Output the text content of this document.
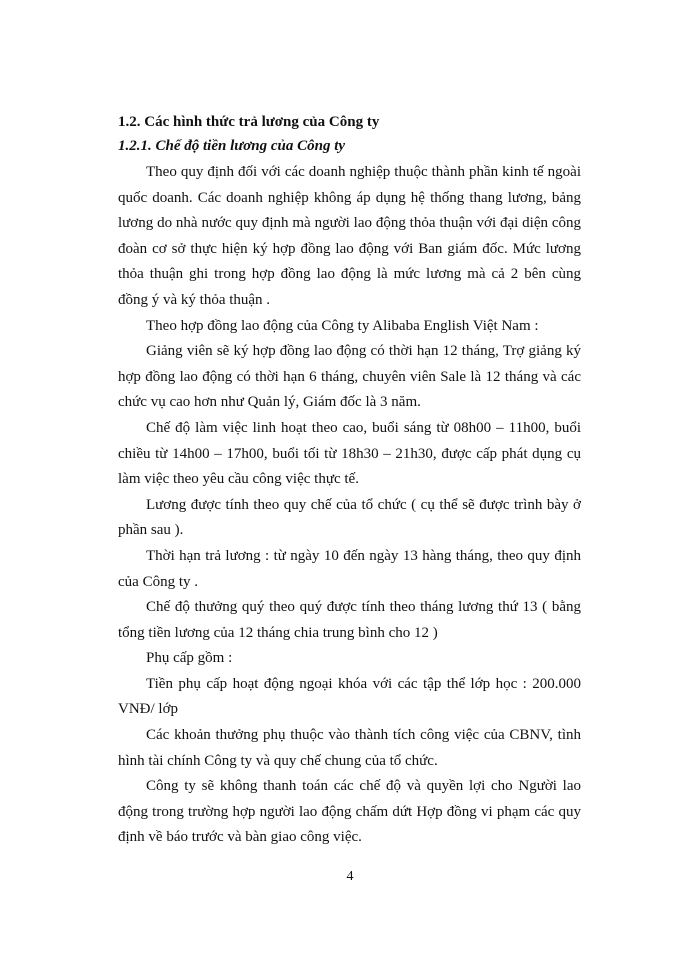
1.2. Các hình thức trả lương của Công ty
1.2.1. Chế độ tiền lương của Công ty

Theo quy định đối với các doanh nghiệp thuộc thành phần kinh tế ngoài quốc doanh. Các doanh nghiệp không áp dụng hệ thống thang lương, bảng lương do nhà nước quy định mà người lao động thỏa thuận với đại diện công đoàn cơ sở thực hiện ký hợp đồng lao động với Ban giám đốc. Mức lương thỏa thuận ghi trong hợp đồng lao động là mức lương mà cả 2 bên cùng đồng ý và ký thỏa thuận .

Theo hợp đồng lao động của Công ty Alibaba English Việt Nam :

Giảng viên sẽ ký hợp đồng lao động có thời hạn 12 tháng, Trợ giảng ký hợp đồng lao động có thời hạn 6 tháng, chuyên viên Sale là 12 tháng và các chức vụ cao hơn như Quản lý, Giám đốc là 3 năm.

Chế độ làm việc linh hoạt theo cao, buổi sáng từ 08h00 – 11h00, buổi chiều từ 14h00 – 17h00, buổi tối từ 18h30 – 21h30, được cấp phát dụng cụ làm việc theo yêu cầu công việc thực tế.

Lương được tính theo quy chế của tổ chức ( cụ thể sẽ được trình bày ở phần sau ).

Thời hạn trả lương : từ ngày 10 đến ngày 13 hàng tháng, theo quy định của Công ty .

Chế độ thưởng quý theo quý được tính theo tháng lương thứ 13 ( bằng tổng tiền lương của 12 tháng chia trung bình cho 12 )

Phụ cấp gồm :

Tiền phụ cấp hoạt động ngoại khóa với các tập thể lớp học : 200.000 VNĐ/ lớp

Các khoản thưởng phụ thuộc vào thành tích công việc của CBNV, tình hình tài chính Công ty và quy chế chung của tổ chức.

Công ty sẽ không thanh toán các chế độ và quyền lợi cho Người lao động trong trường hợp người lao động chấm dứt Hợp đồng vi phạm các quy định về báo trước và bàn giao công việc.

4
